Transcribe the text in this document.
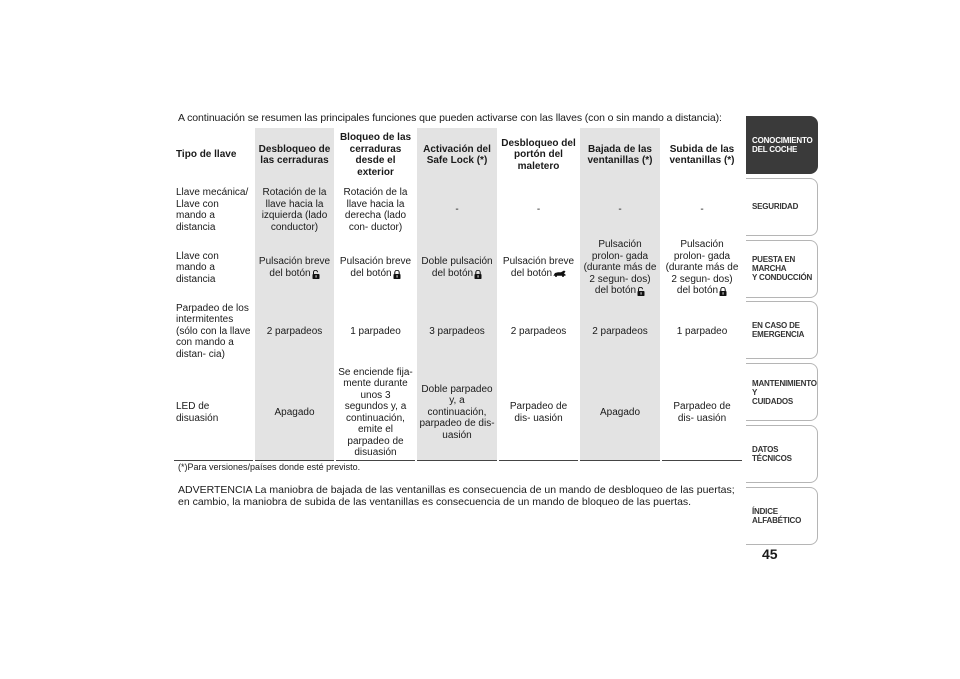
A continuación se resumen las principales funciones que pueden activarse con las llaves (con o sin mando a distancia):
Tipo de llave	Desbloqueo de las cerraduras	Bloqueo de las cerraduras desde el exterior	Activación del Safe Lock (*)	Desbloqueo del portón del maletero	Bajada de las ventanillas (*)	Subida de las ventanillas (*)
Llave mecánica/ Llave con mando a distancia	Rotación de la llave hacia la izquierda (lado conductor)	Rotación de la llave hacia la derecha (lado con- ductor)	-	-	-	-
Llave con mando a distancia	Pulsación breve del botón	Pulsación breve del botón	Doble pulsación del botón	Pulsación breve del botón	Pulsación prolon- gada (durante más de 2 segun- dos) del botón	Pulsación prolon- gada (durante más de 2 segun- dos) del botón
Parpadeo de los intermitentes (sólo con la llave con mando a distan- cia)	2 parpadeos	1 parpadeo	3 parpadeos	2 parpadeos	2 parpadeos	1 parpadeo
LED de disuasión	Apagado	Se enciende fija- mente durante unos 3 segundos y, a continuación, emite el parpadeo de disuasión	Doble parpadeo y, a continuación, parpadeo de dis- uasión	Parpadeo de dis- uasión	Apagado	Parpadeo de dis- uasión
(*)Para versiones/países donde esté previsto.
ADVERTENCIA La maniobra de bajada de las ventanillas es consecuencia de un mando de desbloqueo de las puertas; en cambio, la maniobra de subida de las ventanillas es consecuencia de un mando de bloqueo de las puertas.
CONOCIMIENTO
DEL COCHE
SEGURIDAD
PUESTA EN MARCHA
Y CONDUCCIÓN
EN CASO DE
EMERGENCIA
MANTENIMIENTO Y
CUIDADOS
DATOS TÉCNICOS
ÍNDICE ALFABÉTICO
45
